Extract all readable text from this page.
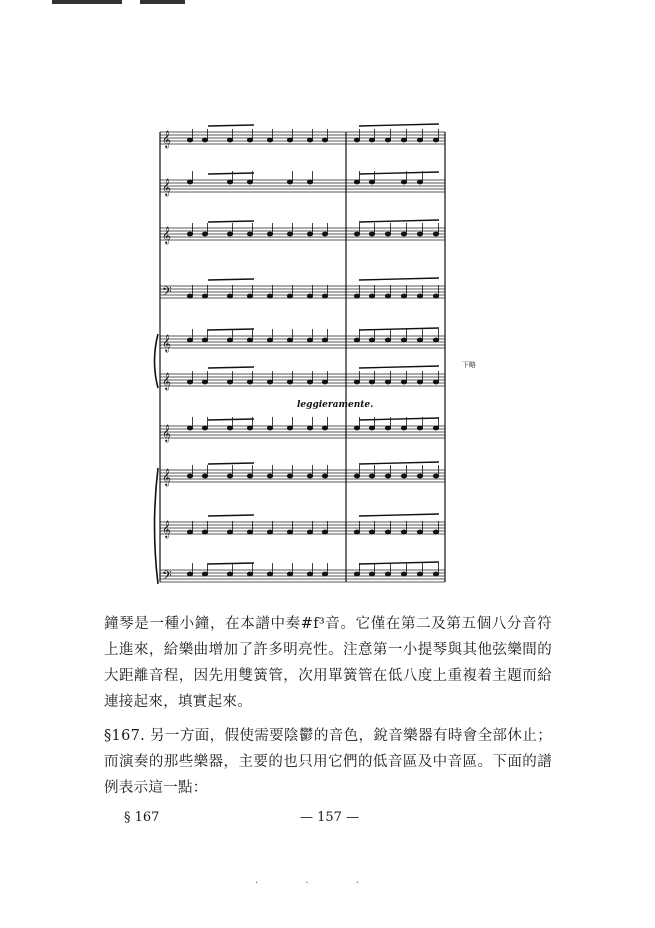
𝄞
𝄞
𝄞
𝄢
𝄞
𝄞
𝄞
𝄞
𝄞
𝄢
leggieramente.
下略

鐘琴是一種小鐘，在本譜中奏#f³音。它僅在第二及第五個八分音符上進來，給樂曲增加了許多明亮性。注意第一小提琴與其他弦樂間的大距離音程，因先用雙簧管，次用單簧管在低八度上重複着主題而給連接起來，填實起來。

§167. 另一方面，假使需要陰鬱的音色，銳音樂器有時會全部休止；而演奏的那些樂器，主要的也只用它們的低音區及中音區。下面的譜例表示這一點：

§ 167	— 157 —
· · ·
